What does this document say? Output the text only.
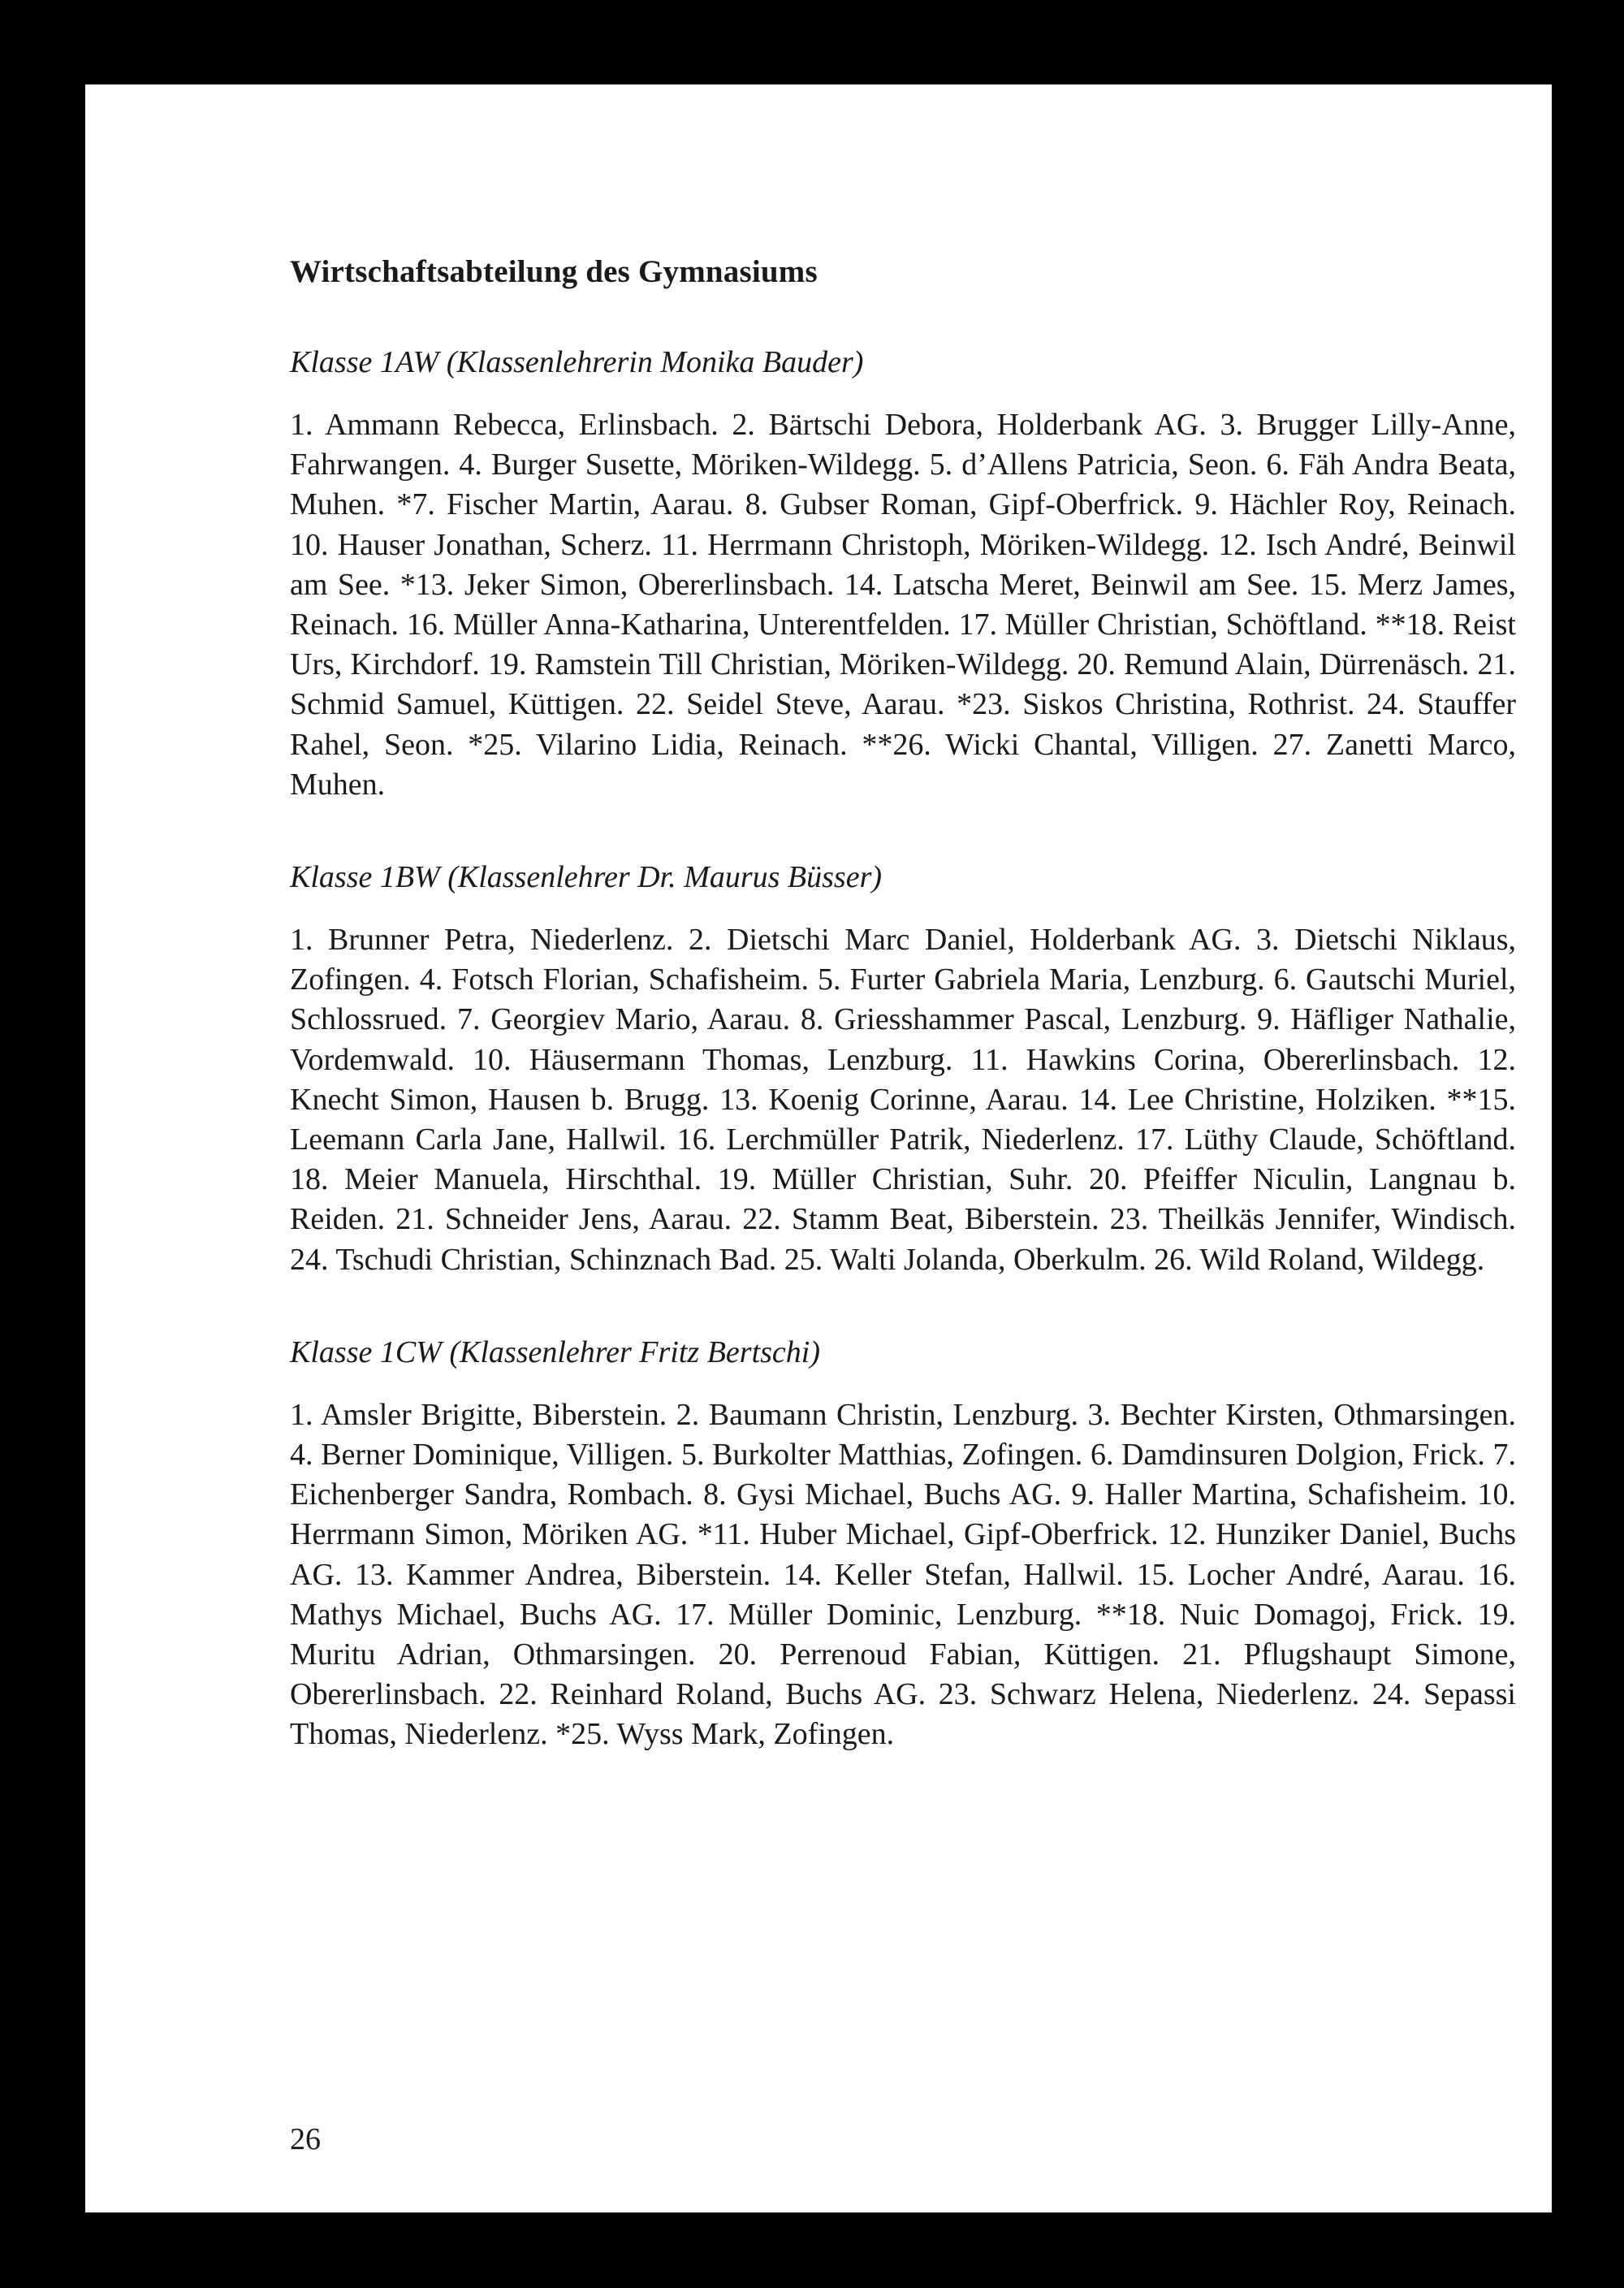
Wirtschaftsabteilung des Gymnasiums
Klasse 1AW (Klassenlehrerin Monika Bauder)

1. Ammann Rebecca, Erlinsbach. 2. Bärtschi Debora, Holderbank AG. 3. Brugger Lilly-Anne, Fahrwangen. 4. Burger Susette, Möriken-Wildegg. 5. d’Allens Patricia, Seon. 6. Fäh Andra Beata, Muhen. *7. Fischer Martin, Aarau. 8. Gubser Roman, Gipf-Oberfrick. 9. Hächler Roy, Reinach. 10. Hauser Jonathan, Scherz. 11. Herrmann Christoph, Möriken-Wildegg. 12. Isch André, Beinwil am See. *13. Jeker Simon, Obererlinsbach. 14. Latscha Meret, Beinwil am See. 15. Merz James, Reinach. 16. Müller Anna-Katharina, Unterentfelden. 17. Müller Christian, Schöftland. **18. Reist Urs, Kirchdorf. 19. Ramstein Till Christian, Möriken-Wildegg. 20. Remund Alain, Dürrenäsch. 21. Schmid Samuel, Küttigen. 22. Seidel Steve, Aarau. *23. Siskos Christina, Rothrist. 24. Stauffer Rahel, Seon. *25. Vilarino Lidia, Reinach. **26. Wicki Chantal, Villigen. 27. Zanetti Marco, Muhen.

Klasse 1BW (Klassenlehrer Dr. Maurus Büsser)

1. Brunner Petra, Niederlenz. 2. Dietschi Marc Daniel, Holderbank AG. 3. Dietschi Niklaus, Zofingen. 4. Fotsch Florian, Schafisheim. 5. Furter Gabriela Maria, Lenzburg. 6. Gautschi Muriel, Schlossrued. 7. Georgiev Mario, Aarau. 8. Griesshammer Pascal, Lenzburg. 9. Häfliger Nathalie, Vordemwald. 10. Häusermann Thomas, Lenzburg. 11. Hawkins Corina, Obererlinsbach. 12. Knecht Simon, Hausen b. Brugg. 13. Koenig Corinne, Aarau. 14. Lee Christine, Holziken. **15. Leemann Carla Jane, Hallwil. 16. Lerchmüller Patrik, Niederlenz. 17. Lüthy Claude, Schöftland. 18. Meier Manuela, Hirschthal. 19. Müller Christian, Suhr. 20. Pfeiffer Niculin, Langnau b. Reiden. 21. Schneider Jens, Aarau. 22. Stamm Beat, Biberstein. 23. Theilkäs Jennifer, Windisch. 24. Tschudi Christian, Schinznach Bad. 25. Walti Jolanda, Oberkulm. 26. Wild Roland, Wildegg.

Klasse 1CW (Klassenlehrer Fritz Bertschi)

1. Amsler Brigitte, Biberstein. 2. Baumann Christin, Lenzburg. 3. Bechter Kirsten, Othmarsingen. 4. Berner Dominique, Villigen. 5. Burkolter Matthias, Zofingen. 6. Damdinsuren Dolgion, Frick. 7. Eichenberger Sandra, Rombach. 8. Gysi Michael, Buchs AG. 9. Haller Martina, Schafisheim. 10. Herrmann Simon, Möriken AG. *11. Huber Michael, Gipf-Oberfrick. 12. Hunziker Daniel, Buchs AG. 13. Kammer Andrea, Biberstein. 14. Keller Stefan, Hallwil. 15. Locher André, Aarau. 16. Mathys Michael, Buchs AG. 17. Müller Dominic, Lenzburg. **18. Nuic Domagoj, Frick. 19. Muritu Adrian, Othmarsingen. 20. Perrenoud Fabian, Küttigen. 21. Pflugshaupt Simone, Obererlinsbach. 22. Reinhard Roland, Buchs AG. 23. Schwarz Helena, Niederlenz. 24. Sepassi Thomas, Niederlenz. *25. Wyss Mark, Zofingen.

26
